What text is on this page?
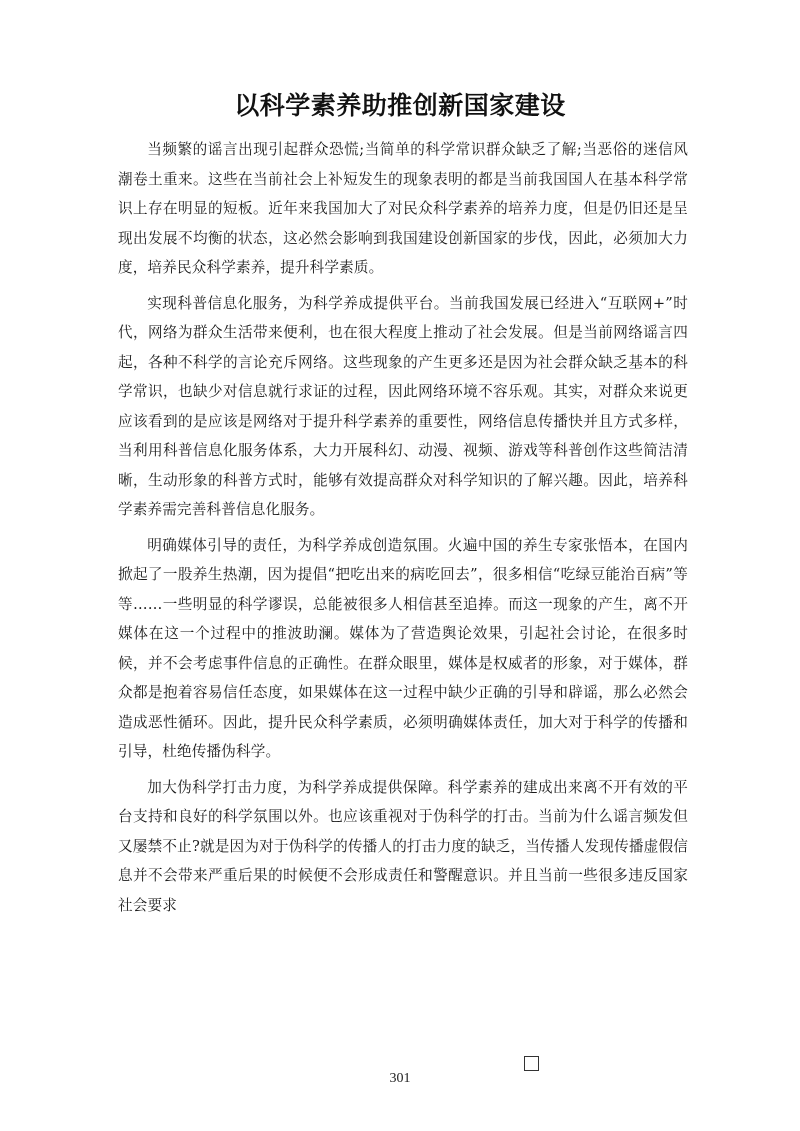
以科学素养助推创新国家建设

当频繁的谣言出现引起群众恐慌;当简单的科学常识群众缺乏了解;当恶俗的迷信风潮卷土重来。这些在当前社会上补短发生的现象表明的都是当前我国国人在基本科学常识上存在明显的短板。近年来我国加大了对民众科学素养的培养力度，但是仍旧还是呈现出发展不均衡的状态，这必然会影响到我国建设创新国家的步伐，因此，必须加大力度，培养民众科学素养，提升科学素质。

实现科普信息化服务，为科学养成提供平台。当前我国发展已经进入“互联网+”时代，网络为群众生活带来便利，也在很大程度上推动了社会发展。但是当前网络谣言四起，各种不科学的言论充斥网络。这些现象的产生更多还是因为社会群众缺乏基本的科学常识，也缺少对信息就行求证的过程，因此网络环境不容乐观。其实，对群众来说更应该看到的是应该是网络对于提升科学素养的重要性，网络信息传播快并且方式多样，当利用科普信息化服务体系，大力开展科幻、动漫、视频、游戏等科普创作这些简洁清晰，生动形象的科普方式时，能够有效提高群众对科学知识的了解兴趣。因此，培养科学素养需完善科普信息化服务。

明确媒体引导的责任，为科学养成创造氛围。火遍中国的养生专家张悟本，在国内掀起了一股养生热潮，因为提倡“把吃出来的病吃回去”，很多相信“吃绿豆能治百病”等等……一些明显的科学谬误，总能被很多人相信甚至追捧。而这一现象的产生，离不开媒体在这一个过程中的推波助澜。媒体为了营造舆论效果，引起社会讨论，在很多时候，并不会考虑事件信息的正确性。在群众眼里，媒体是权威者的形象，对于媒体，群众都是抱着容易信任态度，如果媒体在这一过程中缺少正确的引导和辟谣，那么必然会造成恶性循环。因此，提升民众科学素质，必须明确媒体责任，加大对于科学的传播和引导，杜绝传播伪科学。

加大伪科学打击力度，为科学养成提供保障。科学素养的建成出来离不开有效的平台支持和良好的科学氛围以外。也应该重视对于伪科学的打击。当前为什么谣言频发但又屡禁不止?就是因为对于伪科学的传播人的打击力度的缺乏，当传播人发现传播虚假信息并不会带来严重后果的时候便不会形成责任和警醒意识。并且当前一些很多违反国家社会要求

301
